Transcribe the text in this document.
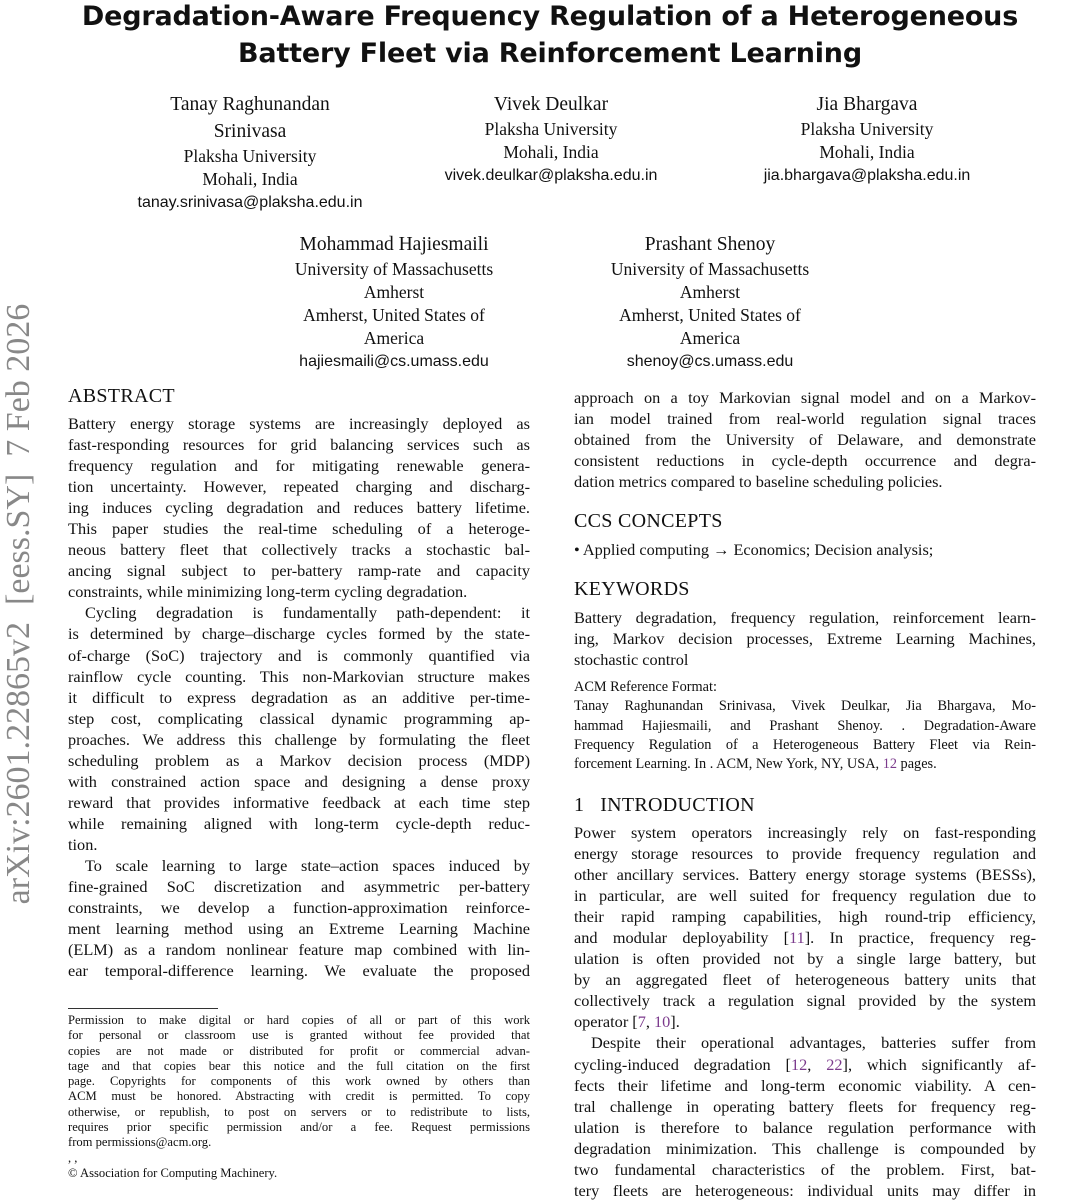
Degradation-Aware Frequency Regulation of a Heterogeneous
Battery Fleet via Reinforcement Learning
Tanay Raghunandan
Srinivasa
Plaksha University
Mohali, India
tanay.srinivasa@plaksha.edu.in
Vivek Deulkar
Plaksha University
Mohali, India
vivek.deulkar@plaksha.edu.in
Jia Bhargava
Plaksha University
Mohali, India
jia.bhargava@plaksha.edu.in
Mohammad Hajiesmaili
University of Massachusetts
Amherst
Amherst, United States of
America
hajiesmaili@cs.umass.edu
Prashant Shenoy
University of Massachusetts
Amherst
Amherst, United States of
America
shenoy@cs.umass.edu
arXiv:2601.22865v2  [eess.SY]  7 Feb 2026	ABSTRACT
Battery energy storage systems are increasingly deployed as
fast-responding resources for grid balancing services such as
frequency regulation and for mitigating renewable genera-
tion uncertainty. However, repeated charging and discharg-
ing induces cycling degradation and reduces battery lifetime.
This paper studies the real-time scheduling of a heteroge-
neous battery fleet that collectively tracks a stochastic bal-
ancing signal subject to per-battery ramp-rate and capacity
constraints, while minimizing long-term cycling degradation.
Cycling degradation is fundamentally path-dependent: it
is determined by charge–discharge cycles formed by the state-
of-charge (SoC) trajectory and is commonly quantified via
rainflow cycle counting. This non-Markovian structure makes
it difficult to express degradation as an additive per-time-
step cost, complicating classical dynamic programming ap-
proaches. We address this challenge by formulating the fleet
scheduling problem as a Markov decision process (MDP)
with constrained action space and designing a dense proxy
reward that provides informative feedback at each time step
while remaining aligned with long-term cycle-depth reduc-
tion.
To scale learning to large state–action spaces induced by
fine-grained SoC discretization and asymmetric per-battery
constraints, we develop a function-approximation reinforce-
ment learning method using an Extreme Learning Machine
(ELM) as a random nonlinear feature map combined with lin-
ear temporal-difference learning. We evaluate the proposed
Permission to make digital or hard copies of all or part of this work
for personal or classroom use is granted without fee provided that
copies are not made or distributed for profit or commercial advan-
tage and that copies bear this notice and the full citation on the first
page. Copyrights for components of this work owned by others than
ACM must be honored. Abstracting with credit is permitted. To copy
otherwise, or republish, to post on servers or to redistribute to lists,
requires prior specific permission and/or a fee. Request permissions
from permissions@acm.org.
, ,
© Association for Computing Machinery.
approach on a toy Markovian signal model and on a Markov-
ian model trained from real-world regulation signal traces
obtained from the University of Delaware, and demonstrate
consistent reductions in cycle-depth occurrence and degra-
dation metrics compared to baseline scheduling policies.
CCS CONCEPTS
• Applied computing → Economics; Decision analysis;
KEYWORDS
Battery degradation, frequency regulation, reinforcement learn-
ing, Markov decision processes, Extreme Learning Machines,
stochastic control
ACM Reference Format:
Tanay Raghunandan Srinivasa, Vivek Deulkar, Jia Bhargava, Mo-
hammad Hajiesmaili, and Prashant Shenoy. . Degradation-Aware
Frequency Regulation of a Heterogeneous Battery Fleet via Rein-
forcement Learning. In . ACM, New York, NY, USA, 12 pages.
1   INTRODUCTION
Power system operators increasingly rely on fast-responding
energy storage resources to provide frequency regulation and
other ancillary services. Battery energy storage systems (BESSs),
in particular, are well suited for frequency regulation due to
their rapid ramping capabilities, high round-trip efficiency,
and modular deployability [11]. In practice, frequency reg-
ulation is often provided not by a single large battery, but
by an aggregated fleet of heterogeneous battery units that
collectively track a regulation signal provided by the system
operator [7, 10].
Despite their operational advantages, batteries suffer from
cycling-induced degradation [12, 22], which significantly af-
fects their lifetime and long-term economic viability. A cen-
tral challenge in operating battery fleets for frequency reg-
ulation is therefore to balance regulation performance with
degradation minimization. This challenge is compounded by
two fundamental characteristics of the problem. First, bat-
tery fleets are heterogeneous: individual units may differ in
